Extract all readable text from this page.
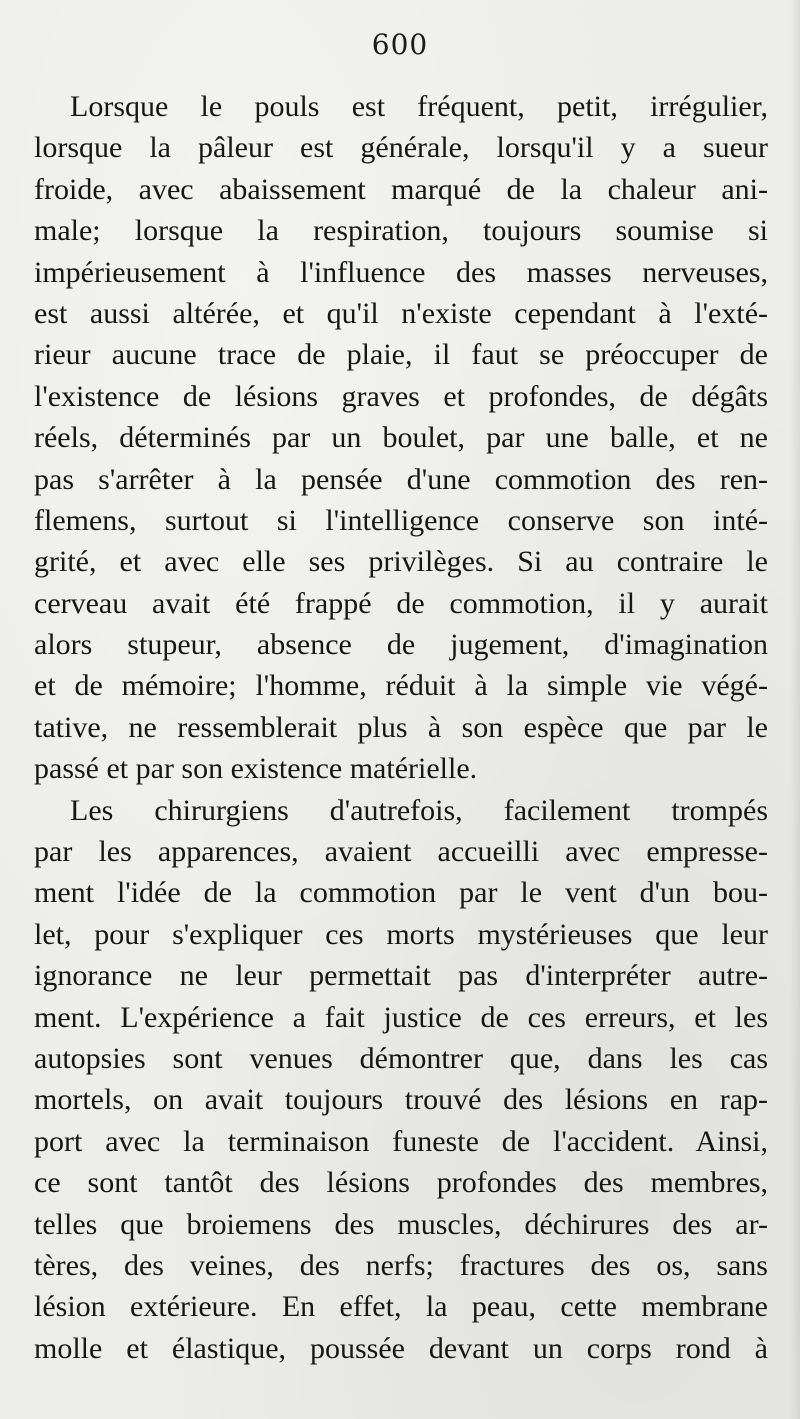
600
Lorsque le pouls est fréquent, petit, irrégulier,
lorsque la pâleur est générale, lorsqu'il y a sueur
froide, avec abaissement marqué de la chaleur ani-
male; lorsque la respiration, toujours soumise si
impérieusement à l'influence des masses nerveuses,
est aussi altérée, et qu'il n'existe cependant à l'exté-
rieur aucune trace de plaie, il faut se préoccuper de
l'existence de lésions graves et profondes, de dégâts
réels, déterminés par un boulet, par une balle, et ne
pas s'arrêter à la pensée d'une commotion des ren-
flemens, surtout si l'intelligence conserve son inté-
grité, et avec elle ses privilèges. Si au contraire le
cerveau avait été frappé de commotion, il y aurait
alors stupeur, absence de jugement, d'imagination
et de mémoire; l'homme, réduit à la simple vie végé-
tative, ne ressemblerait plus à son espèce que par le
passé et par son existence matérielle.
Les chirurgiens d'autrefois, facilement trompés
par les apparences, avaient accueilli avec empresse-
ment l'idée de la commotion par le vent d'un bou-
let, pour s'expliquer ces morts mystérieuses que leur
ignorance ne leur permettait pas d'interpréter autre-
ment. L'expérience a fait justice de ces erreurs, et les
autopsies sont venues démontrer que, dans les cas
mortels, on avait toujours trouvé des lésions en rap-
port avec la terminaison funeste de l'accident. Ainsi,
ce sont tantôt des lésions profondes des membres,
telles que broiemens des muscles, déchirures des ar-
tères, des veines, des nerfs; fractures des os, sans
lésion extérieure. En effet, la peau, cette membrane
molle et élastique, poussée devant un corps rond à
